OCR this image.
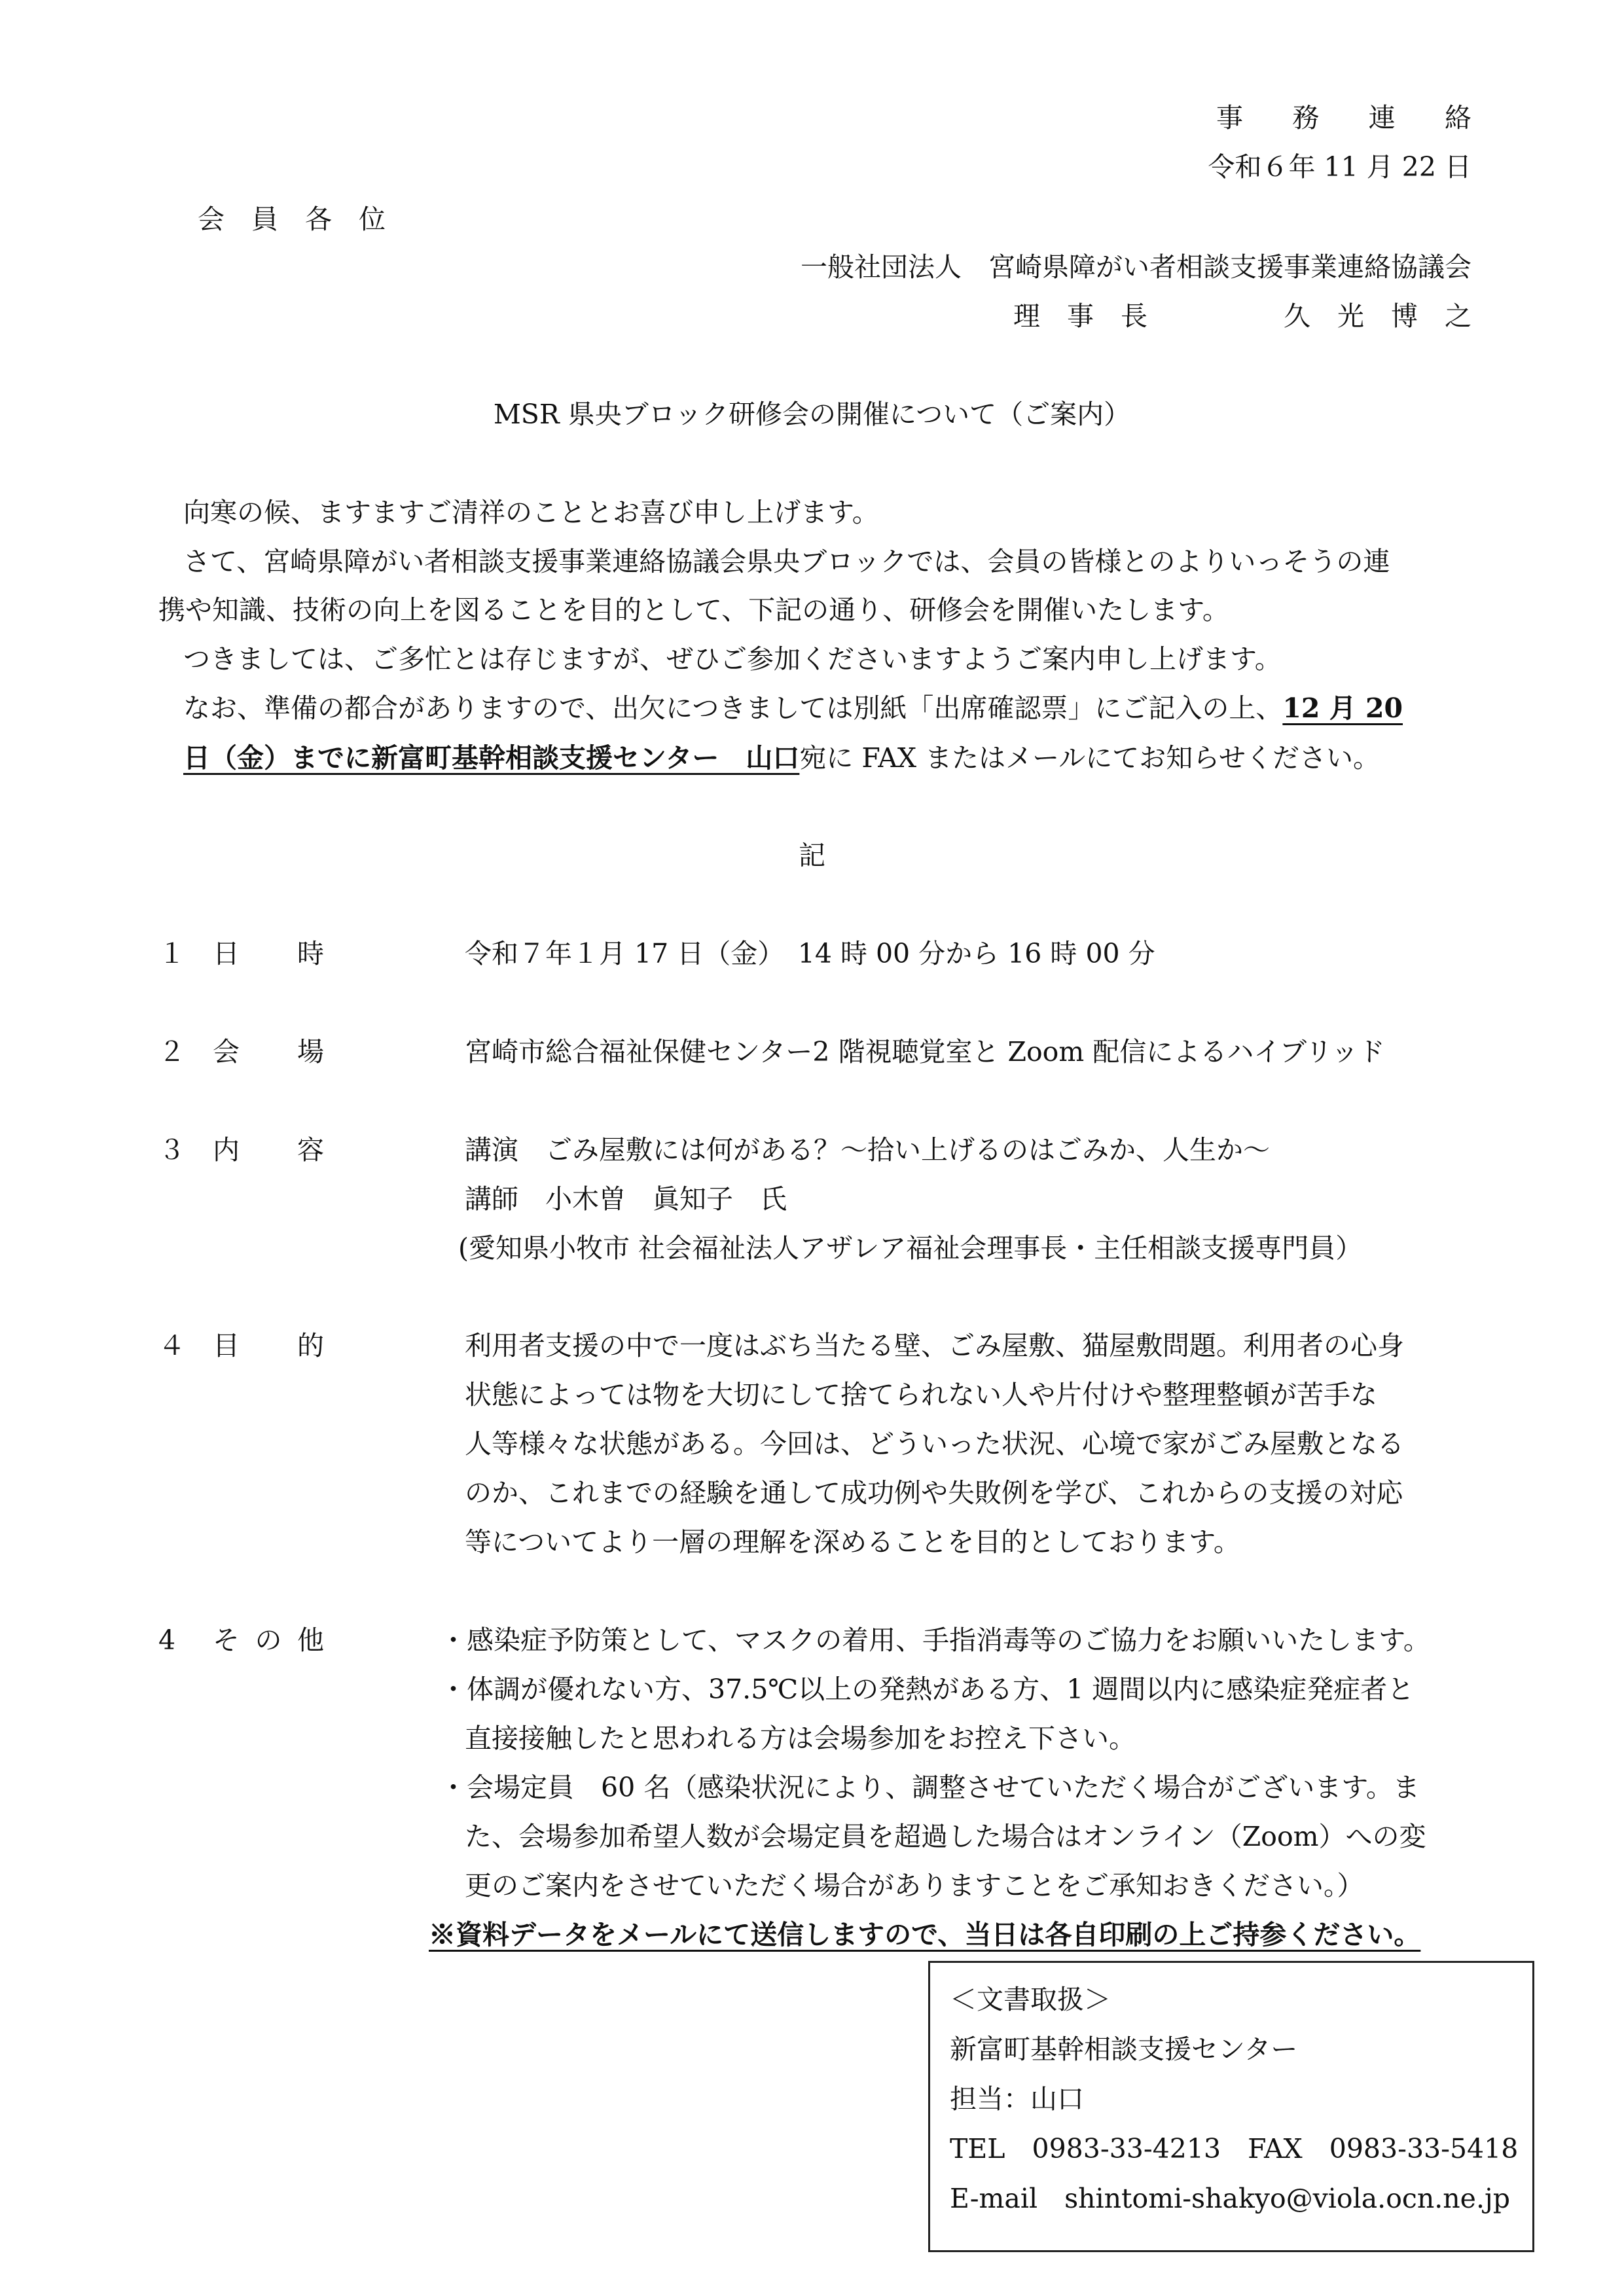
事 務 連 絡
令和６年 11 月 22 日
会　員　各　位
一般社団法人　宮崎県障がい者相談支援事業連絡協議会
理　事　長	久　光　博　之
MSR 県央ブロック研修会の開催について（ご案内）
向寒の候、ますますご清祥のこととお喜び申し上げます。
さて、宮崎県障がい者相談支援事業連絡協議会県央ブロックでは、会員の皆様とのよりいっそうの連
携や知識、技術の向上を図ることを目的として、下記の通り、研修会を開催いたします。
つきましては、ご多忙とは存じますが、ぜひご参加くださいますようご案内申し上げます。
なお、準備の都合がありますので、出欠につきましては別紙「出席確認票」にご記入の上、12 月 20
日（金）までに新富町基幹相談支援センター　山口宛に FAX またはメールにてお知らせください。
記
１ 日 時	令和７年１月 17 日（金）　14 時 00 分から 16 時 00 分
２ 会 場	宮崎市総合福祉保健センター2 階視聴覚室と Zoom 配信によるハイブリッド
３ 内 容	講演　ごみ屋敷には何がある？～拾い上げるのはごみか、人生か～
講師　小木曽　眞知子　氏
(愛知県小牧市 社会福祉法人アザレア福祉会理事長・主任相談支援専門員）
４ 目 的	利用者支援の中で一度はぶち当たる壁、ごみ屋敷、猫屋敷問題。利用者の心身
状態によっては物を大切にして捨てられない人や片付けや整理整頓が苦手な
人等様々な状態がある。今回は、どういった状況、心境で家がごみ屋敷となる
のか、これまでの経験を通して成功例や失敗例を学び、これからの支援の対応
等についてより一層の理解を深めることを目的としております。
4 そ の 他	・感染症予防策として、マスクの着用、手指消毒等のご協力をお願いいたします。
・体調が優れない方、37.5℃以上の発熱がある方、1 週間以内に感染症発症者と
直接接触したと思われる方は会場参加をお控え下さい。
・会場定員　60 名（感染状況により、調整させていただく場合がございます。ま
た、会場参加希望人数が会場定員を超過した場合はオンライン（Zoom）への変
更のご案内をさせていただく場合がありますことをご承知おきください。）
※資料データをメールにて送信しますので、当日は各自印刷の上ご持参ください。
＜文書取扱＞
新富町基幹相談支援センター
担当：山口
TEL　0983-33-4213　FAX　0983-33-5418
E-mail　shintomi-shakyo@viola.ocn.ne.jp
